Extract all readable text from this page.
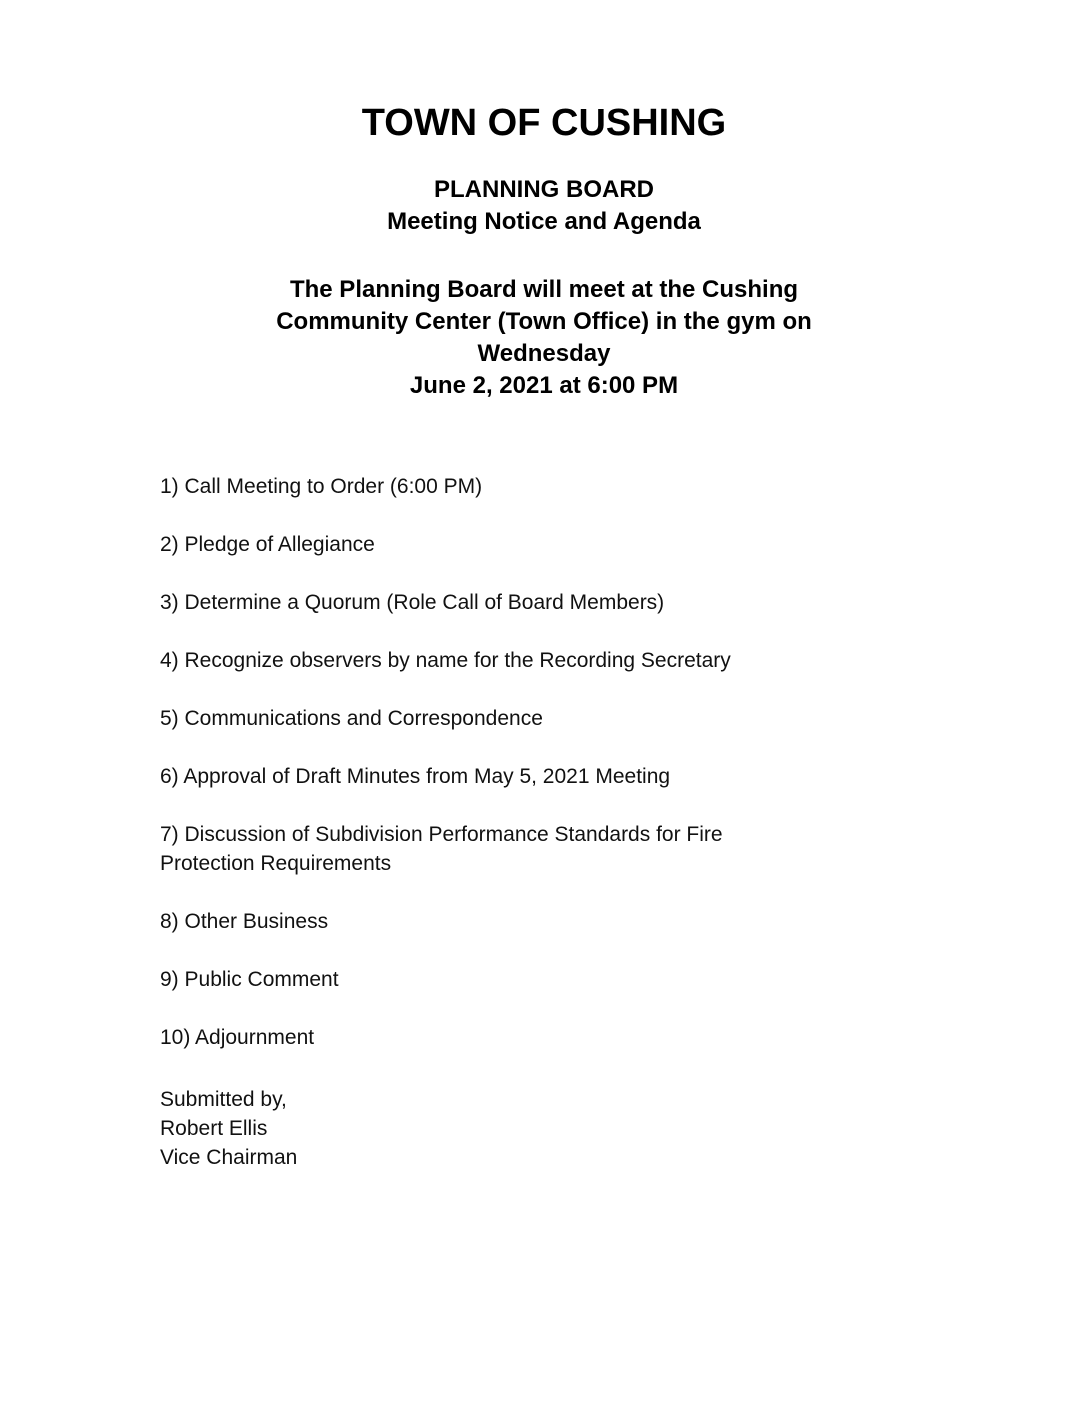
TOWN OF CUSHING
PLANNING BOARD
Meeting Notice and Agenda
The Planning Board will meet at the Cushing
Community Center (Town Office) in the gym on
Wednesday
June 2, 2021 at 6:00 PM
1) Call Meeting to Order (6:00 PM)
2) Pledge of Allegiance
3) Determine a Quorum (Role Call of Board Members)
4) Recognize observers by name for the Recording Secretary
5) Communications and Correspondence
6) Approval of Draft Minutes from May 5, 2021 Meeting
7) Discussion of Subdivision Performance Standards for Fire Protection Requirements
8) Other Business
9) Public Comment
10) Adjournment
Submitted by,
Robert Ellis
Vice Chairman
